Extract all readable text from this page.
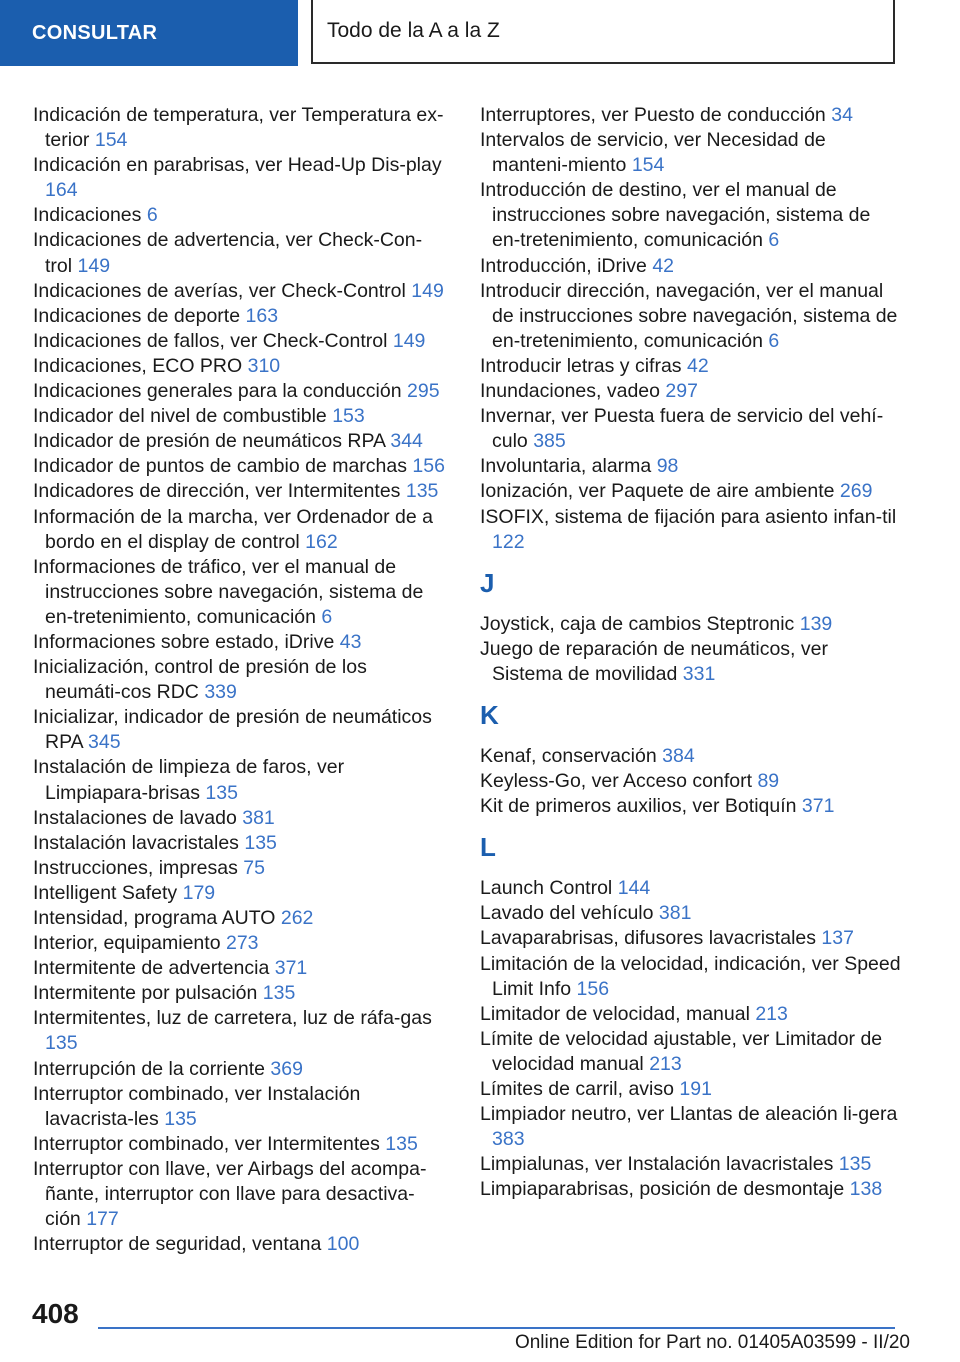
CONSULTAR	Todo de la A a la Z
Indicación de temperatura, ver Temperatura ex-terior 154
Indicación en parabrisas, ver Head-Up Dis-play 164
Indicaciones 6
Indicaciones de advertencia, ver Check-Con-trol 149
Indicaciones de averías, ver Check-Control 149
Indicaciones de deporte 163
Indicaciones de fallos, ver Check-Control 149
Indicaciones, ECO PRO 310
Indicaciones generales para la conducción 295
Indicador del nivel de combustible 153
Indicador de presión de neumáticos RPA 344
Indicador de puntos de cambio de marchas 156
Indicadores de dirección, ver Intermitentes 135
Información de la marcha, ver Ordenador de a bordo en el display de control 162
Informaciones de tráfico, ver el manual de instrucciones sobre navegación, sistema de en-tretenimiento, comunicación 6
Informaciones sobre estado, iDrive 43
Inicialización, control de presión de los neumáti-cos RDC 339
Inicializar, indicador de presión de neumáticos RPA 345
Instalación de limpieza de faros, ver Limpiapara-brisas 135
Instalaciones de lavado 381
Instalación lavacristales 135
Instrucciones, impresas 75
Intelligent Safety 179
Intensidad, programa AUTO 262
Interior, equipamiento 273
Intermitente de advertencia 371
Intermitente por pulsación 135
Intermitentes, luz de carretera, luz de ráfa-gas 135
Interrupción de la corriente 369
Interruptor combinado, ver Instalación lavacrista-les 135
Interruptor combinado, ver Intermitentes 135
Interruptor con llave, ver Airbags del acompa-ñante, interruptor con llave para desactiva-ción 177
Interruptor de seguridad, ventana 100
Interruptores, ver Puesto de conducción 34
Intervalos de servicio, ver Necesidad de manteni-miento 154
Introducción de destino, ver el manual de instrucciones sobre navegación, sistema de en-tretenimiento, comunicación 6
Introducción, iDrive 42
Introducir dirección, navegación, ver el manual de instrucciones sobre navegación, sistema de en-tretenimiento, comunicación 6
Introducir letras y cifras 42
Inundaciones, vadeo 297
Invernar, ver Puesta fuera de servicio del vehí-culo 385
Involuntaria, alarma 98
Ionización, ver Paquete de aire ambiente 269
ISOFIX, sistema de fijación para asiento infan-til 122
J
Joystick, caja de cambios Steptronic 139
Juego de reparación de neumáticos, ver Sistema de movilidad 331
K
Kenaf, conservación 384
Keyless-Go, ver Acceso confort 89
Kit de primeros auxilios, ver Botiquín 371
L
Launch Control 144
Lavado del vehículo 381
Lavaparabrisas, difusores lavacristales 137
Limitación de la velocidad, indicación, ver Speed Limit Info 156
Limitador de velocidad, manual 213
Límite de velocidad ajustable, ver Limitador de velocidad manual 213
Límites de carril, aviso 191
Limpiador neutro, ver Llantas de aleación li-gera 383
Limpialunas, ver Instalación lavacristales 135
Limpiaparabrisas, posición de desmontaje 138
408
Online Edition for Part no. 01405A03599 - II/20
